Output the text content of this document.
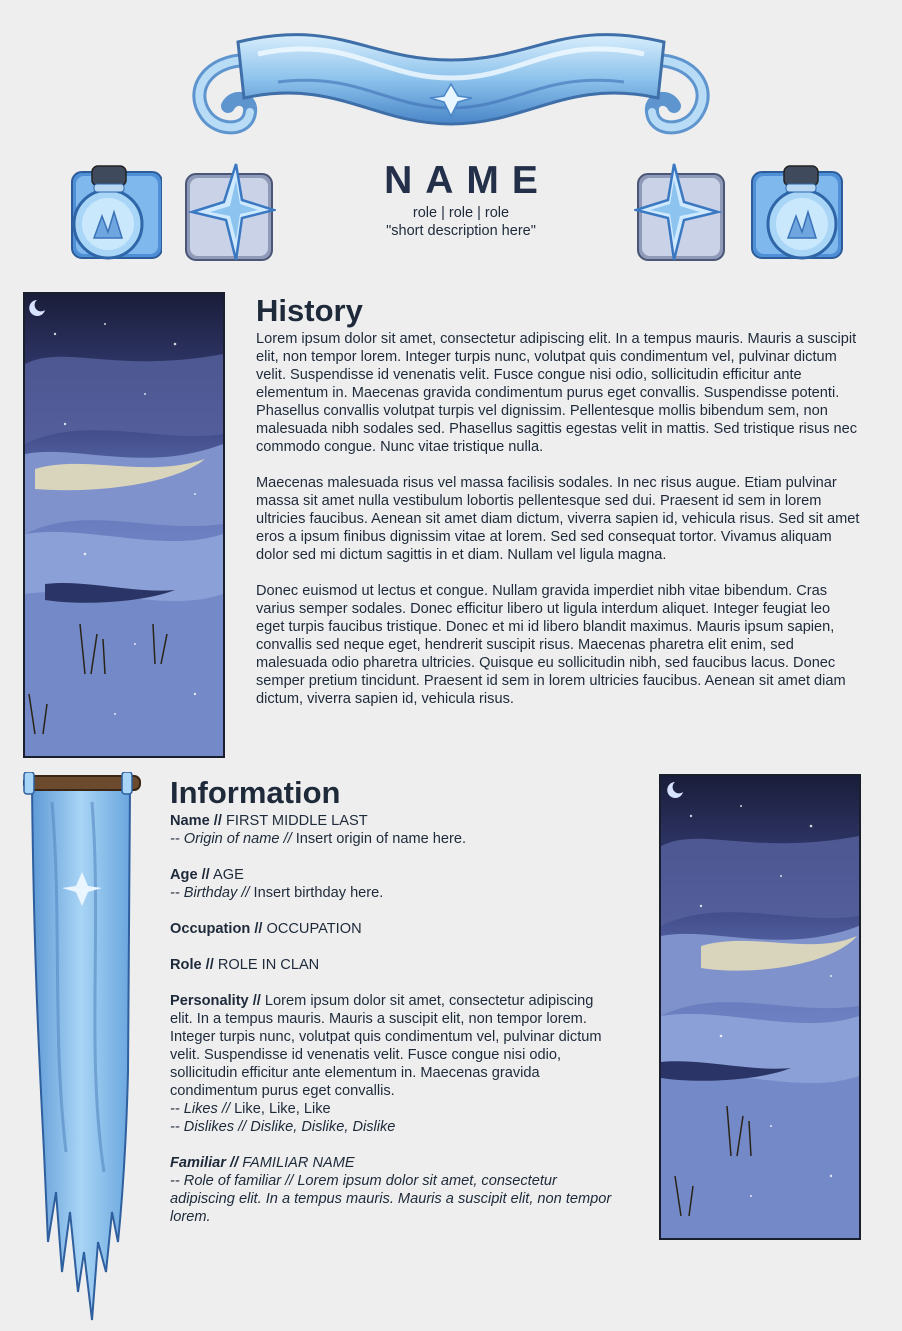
NAME
role | role | role
"short description here"
History

Lorem ipsum dolor sit amet, consectetur adipiscing elit. In a tempus mauris. Mauris a suscipit elit, non tempor lorem. Integer turpis nunc, volutpat quis condimentum vel, pulvinar dictum velit. Suspendisse id venenatis velit. Fusce congue nisi odio, sollicitudin efficitur ante elementum in. Maecenas gravida condimentum purus eget convallis. Suspendisse potenti. Phasellus convallis volutpat turpis vel dignissim. Pellentesque mollis bibendum sem, non malesuada nibh sodales sed. Phasellus sagittis egestas velit in mattis. Sed tristique risus nec commodo congue. Nunc vitae tristique nulla.

Maecenas malesuada risus vel massa facilisis sodales. In nec risus augue. Etiam pulvinar massa sit amet nulla vestibulum lobortis pellentesque sed dui. Praesent id sem in lorem ultricies faucibus. Aenean sit amet diam dictum, viverra sapien id, vehicula risus. Sed sit amet eros a ipsum finibus dignissim vitae at lorem. Sed sed consequat tortor. Vivamus aliquam dolor sed mi dictum sagittis in et diam. Nullam vel ligula magna.

Donec euismod ut lectus et congue. Nullam gravida imperdiet nibh vitae bibendum. Cras varius semper sodales. Donec efficitur libero ut ligula interdum aliquet. Integer feugiat leo eget turpis faucibus tristique. Donec et mi id libero blandit maximus. Mauris ipsum sapien, convallis sed neque eget, hendrerit suscipit risus. Maecenas pharetra elit enim, sed malesuada odio pharetra ultricies. Quisque eu sollicitudin nibh, sed faucibus lacus. Donec semper pretium tincidunt. Praesent id sem in lorem ultricies faucibus. Aenean sit amet diam dictum, viverra sapien id, vehicula risus.

Information

Name // FIRST MIDDLE LAST
-- Origin of name // Insert origin of name here.

Age // AGE
-- Birthday // Insert birthday here.

Occupation // OCCUPATION

Role // ROLE IN CLAN

Personality // Lorem ipsum dolor sit amet, consectetur adipiscing elit. In a tempus mauris. Mauris a suscipit elit, non tempor lorem. Integer turpis nunc, volutpat quis condimentum vel, pulvinar dictum velit. Suspendisse id venenatis velit. Fusce congue nisi odio, sollicitudin efficitur ante elementum in. Maecenas gravida condimentum purus eget convallis.
-- Likes // Like, Like, Like
-- Dislikes // Dislike, Dislike, Dislike

Familiar // FAMILIAR NAME
-- Role of familiar // Lorem ipsum dolor sit amet, consectetur adipiscing elit. In a tempus mauris. Mauris a suscipit elit, non tempor lorem.
